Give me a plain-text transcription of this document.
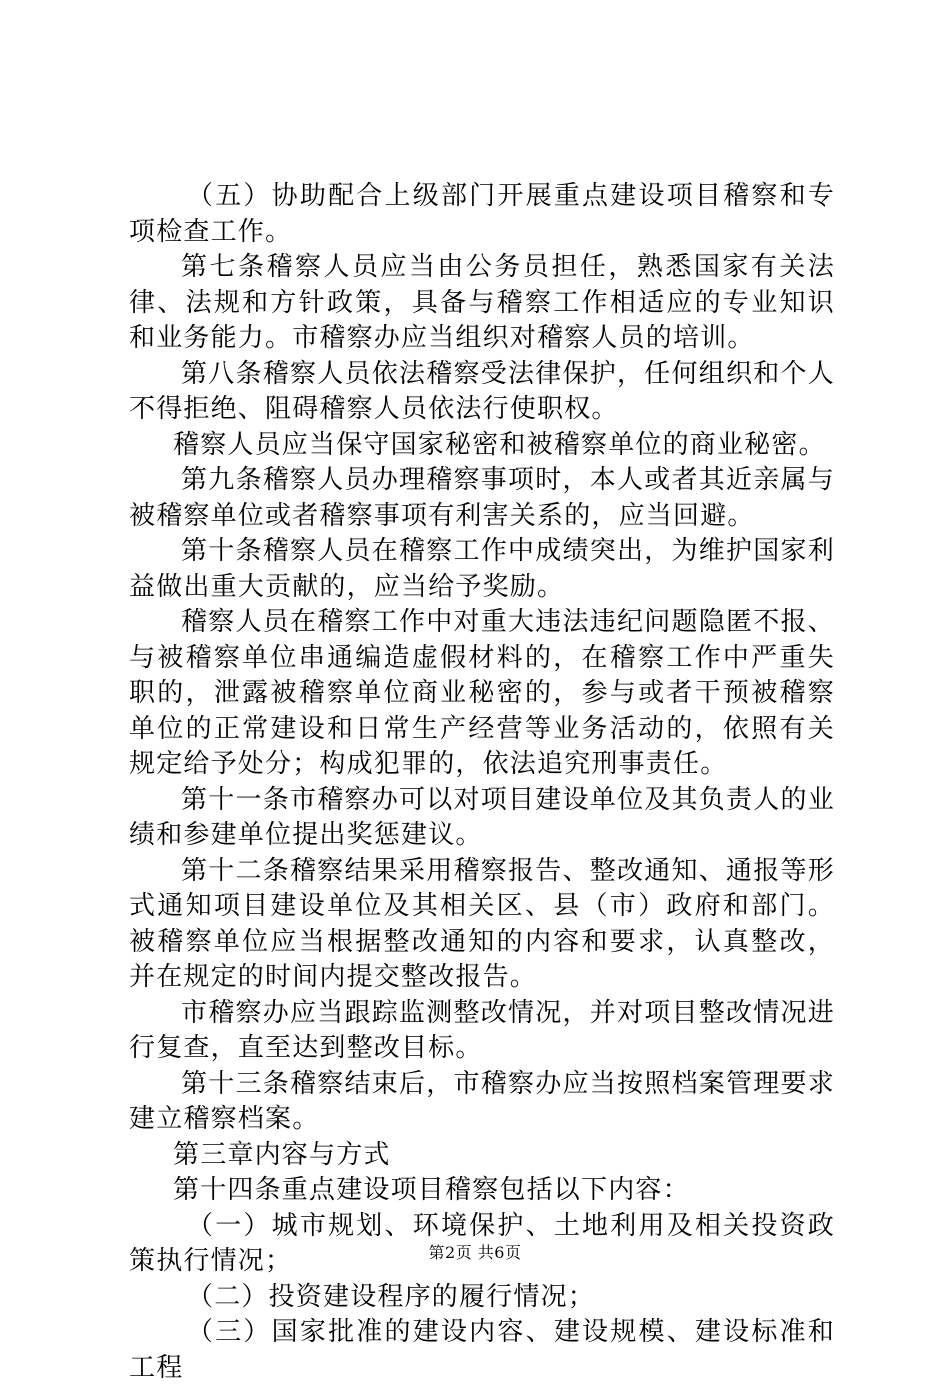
（五）协助配合上级部门开展重点建设项目稽察和专项检查工作。

第七条稽察人员应当由公务员担任，熟悉国家有关法律、法规和方针政策，具备与稽察工作相适应的专业知识和业务能力。市稽察办应当组织对稽察人员的培训。

第八条稽察人员依法稽察受法律保护，任何组织和个人不得拒绝、阻碍稽察人员依法行使职权。

稽察人员应当保守国家秘密和被稽察单位的商业秘密。

第九条稽察人员办理稽察事项时，本人或者其近亲属与被稽察单位或者稽察事项有利害关系的，应当回避。

第十条稽察人员在稽察工作中成绩突出，为维护国家利益做出重大贡献的，应当给予奖励。

稽察人员在稽察工作中对重大违法违纪问题隐匿不报、与被稽察单位串通编造虚假材料的，在稽察工作中严重失职的，泄露被稽察单位商业秘密的，参与或者干预被稽察单位的正常建设和日常生产经营等业务活动的，依照有关规定给予处分；构成犯罪的，依法追究刑事责任。

第十一条市稽察办可以对项目建设单位及其负责人的业绩和参建单位提出奖惩建议。

第十二条稽察结果采用稽察报告、整改通知、通报等形式通知项目建设单位及其相关区、县（市）政府和部门。被稽察单位应当根据整改通知的内容和要求，认真整改，并在规定的时间内提交整改报告。

市稽察办应当跟踪监测整改情况，并对项目整改情况进行复查，直至达到整改目标。

第十三条稽察结束后，市稽察办应当按照档案管理要求建立稽察档案。

第三章内容与方式

第十四条重点建设项目稽察包括以下内容：

（一）城市规划、环境保护、土地利用及相关投资政策执行情况；

（二）投资建设程序的履行情况；

（三）国家批准的建设内容、建设规模、建设标准和工程

第2页 共6页
